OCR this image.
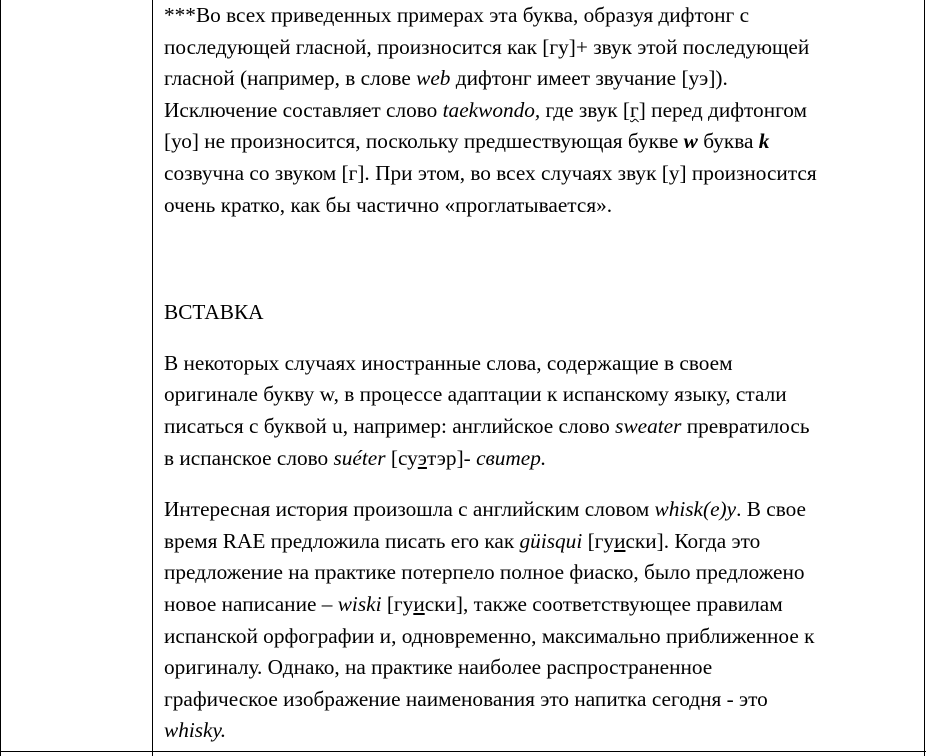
***Во всех приведенных примерах эта буква, образуя дифтонг с
последующей гласной, произносится как [гу]+ звук этой последующей
гласной (например, в слове web дифтонг имеет звучание [уэ]).
Исключение составляет слово taekwondo, где звук [г] перед дифтонгом
[уо] не произносится, поскольку предшествующая букве w буква k
созвучна со звуком [г]. При этом, во всех случаях звук [у] произносится
очень кратко, как бы частично «проглатывается».

ВСТАВКА

В некоторых случаях иностранные слова, содержащие в своем
оригинале букву w, в процессе адаптации к испанскому языку, стали
писаться с буквой u, например: английское слово sweater превратилось
в испанское слово suéter [суэтэр]- свитер.

Интересная история произошла с английским словом whisk(e)y. В свое
время RAE предложила писать его как güisqui [гуиски]. Когда это
предложение на практике потерпело полное фиаско, было предложено
новое написание – wiski [гуиски], также соответствующее правилам
испанской орфографии и, одновременно, максимально приближенное к
оригиналу. Однако, на практике наиболее распространенное
графическое изображение наименования это напитка сегодня - это
whisky.
